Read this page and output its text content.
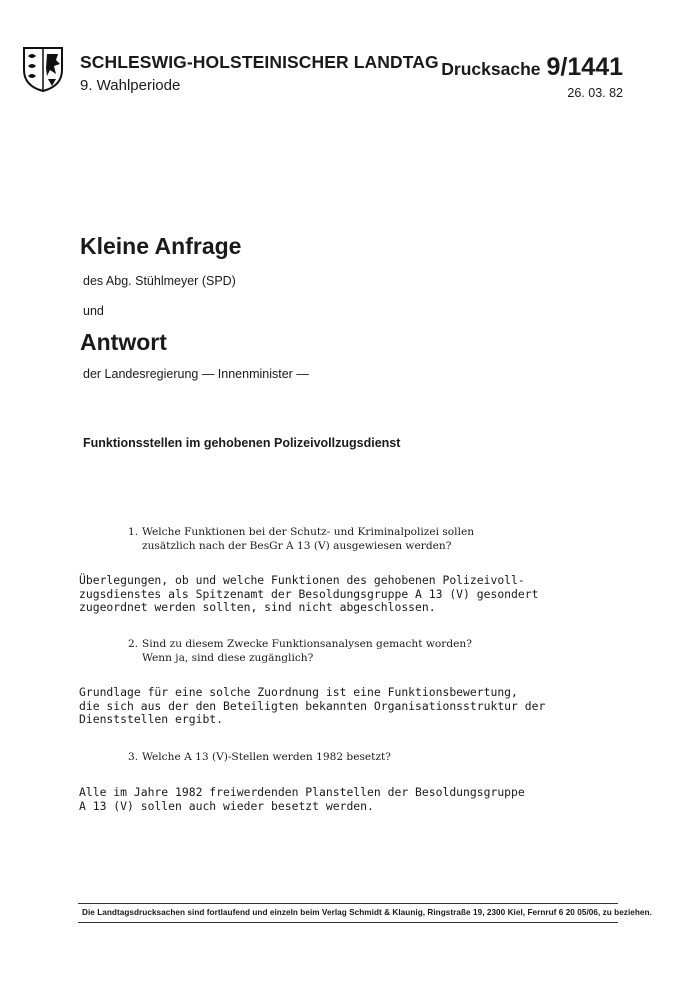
SCHLESWIG-HOLSTEINISCHER LANDTAG
9. Wahlperiode
Drucksache 9/1441
26. 03. 82
Kleine Anfrage
des Abg. Stühlmeyer (SPD)
und
Antwort
der Landesregierung — Innenminister —
Funktionsstellen im gehobenen Polizeivollzugsdienst
1. Welche Funktionen bei der Schutz- und Kriminalpolizei sollen
zusätzlich nach der BesGr A 13 (V) ausgewiesen werden?
Überlegungen, ob und welche Funktionen des gehobenen Polizeivoll-
zugsdienstes als Spitzenamt der Besoldungsgruppe A 13 (V) gesondert
zugeordnet werden sollten, sind nicht abgeschlossen.
2. Sind zu diesem Zwecke Funktionsanalysen gemacht worden?
Wenn ja, sind diese zugänglich?
Grundlage für eine solche Zuordnung ist eine Funktionsbewertung,
die sich aus der den Beteiligten bekannten Organisationsstruktur der
Dienststellen ergibt.
3. Welche A 13 (V)-Stellen werden 1982 besetzt?
Alle im Jahre 1982 freiwerdenden Planstellen der Besoldungsgruppe
A 13 (V) sollen auch wieder besetzt werden.
Die Landtagsdrucksachen sind fortlaufend und einzeln beim Verlag Schmidt & Klaunig, Ringstraße 19, 2300 Kiel, Fernruf 6 20 05/06, zu beziehen.
